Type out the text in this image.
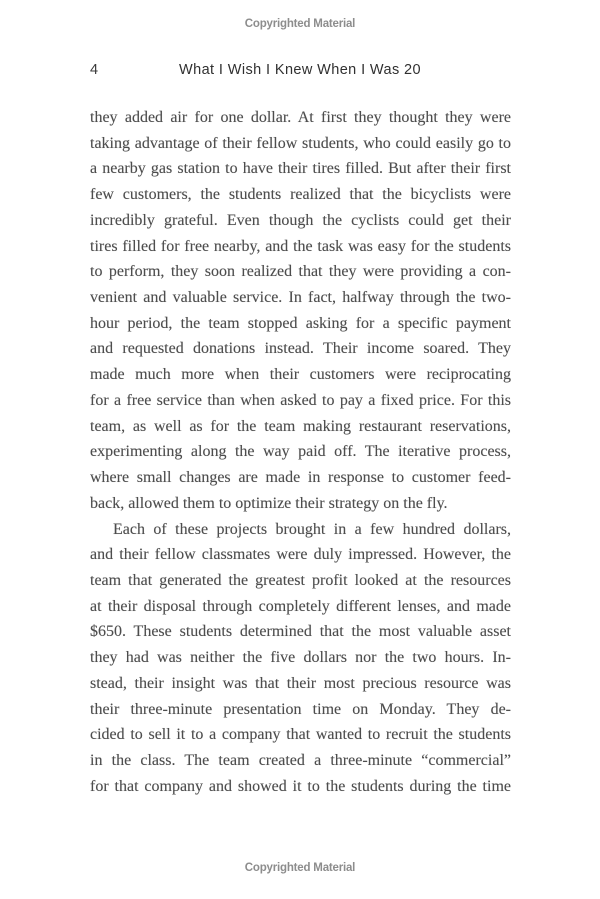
Copyrighted Material
4	What I Wish I Knew When I Was 20
they added air for one dollar. At first they thought they were
taking advantage of their fellow students, who could easily go to
a nearby gas station to have their tires filled. But after their first
few customers, the students realized that the bicyclists were
incredibly grateful. Even though the cyclists could get their
tires filled for free nearby, and the task was easy for the students
to perform, they soon realized that they were providing a con-
venient and valuable service. In fact, halfway through the two-
hour period, the team stopped asking for a specific payment
and requested donations instead. Their income soared. They
made much more when their customers were reciprocating
for a free service than when asked to pay a fixed price. For this
team, as well as for the team making restaurant reservations,
experimenting along the way paid off. The iterative process,
where small changes are made in response to customer feed-
back, allowed them to optimize their strategy on the fly.
Each of these projects brought in a few hundred dollars,
and their fellow classmates were duly impressed. However, the
team that generated the greatest profit looked at the resources
at their disposal through completely different lenses, and made
$650. These students determined that the most valuable asset
they had was neither the five dollars nor the two hours. In-
stead, their insight was that their most precious resource was
their three-minute presentation time on Monday. They de-
cided to sell it to a company that wanted to recruit the students
in the class. The team created a three-minute “commercial”
for that company and showed it to the students during the time
Copyrighted Material
